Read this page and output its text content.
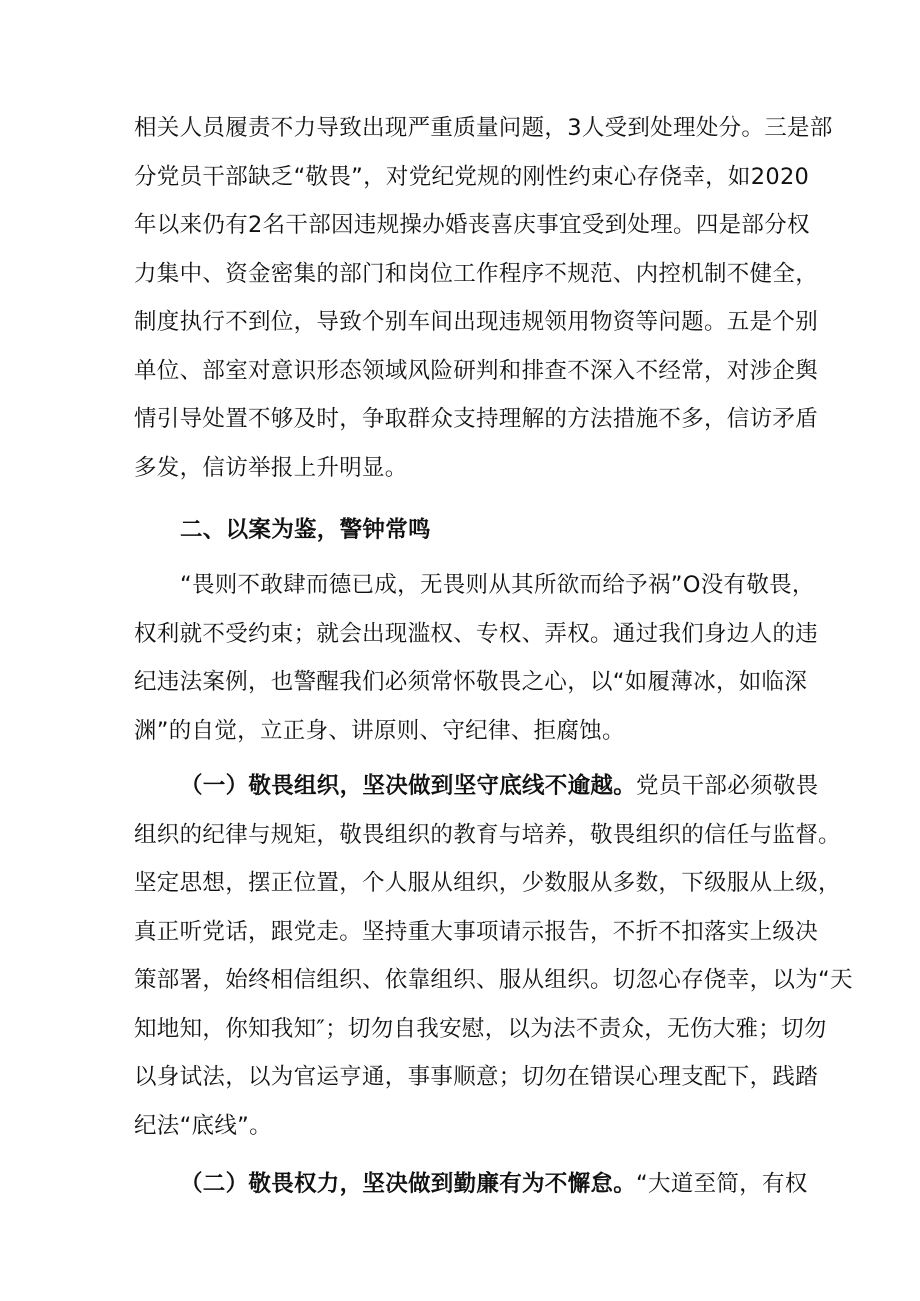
相关人员履责不力导致出现严重质量问题，3人受到处理处分。三是部
分党员干部缺乏“敬畏”，对党纪党规的刚性约束心存侥幸，如2020
年以来仍有2名干部因违规操办婚丧喜庆事宜受到处理。四是部分权
力集中、资金密集的部门和岗位工作程序不规范、内控机制不健全，
制度执行不到位，导致个别车间出现违规领用物资等问题。五是个别
单位、部室对意识形态领域风险研判和排查不深入不经常，对涉企舆
情引导处置不够及时，争取群众支持理解的方法措施不多，信访矛盾
多发，信访举报上升明显。
二、以案为鉴，警钟常鸣
“畏则不敢肆而德已成，无畏则从其所欲而给予祸”O没有敬畏，
权利就不受约束；就会出现滥权、专权、弄权。通过我们身边人的违
纪违法案例，也警醒我们必须常怀敬畏之心，以“如履薄冰，如临深
渊”的自觉，立正身、讲原则、守纪律、拒腐蚀。
（一）敬畏组织，坚决做到坚守底线不逾越。党员干部必须敬畏
组织的纪律与规矩，敬畏组织的教育与培养，敬畏组织的信任与监督。
坚定思想，摆正位置，个人服从组织，少数服从多数，下级服从上级，
真正听党话，跟党走。坚持重大事项请示报告，不折不扣落实上级决
策部署，始终相信组织、依靠组织、服从组织。切忽心存侥幸，以为“天
知地知，你知我知″；切勿自我安慰，以为法不责众，无伤大雅；切勿
以身试法，以为官运亨通，事事顺意；切勿在错误心理支配下，践踏
纪法“底线”。
（二）敬畏权力，坚决做到勤廉有为不懈怠。“大道至简，有权
